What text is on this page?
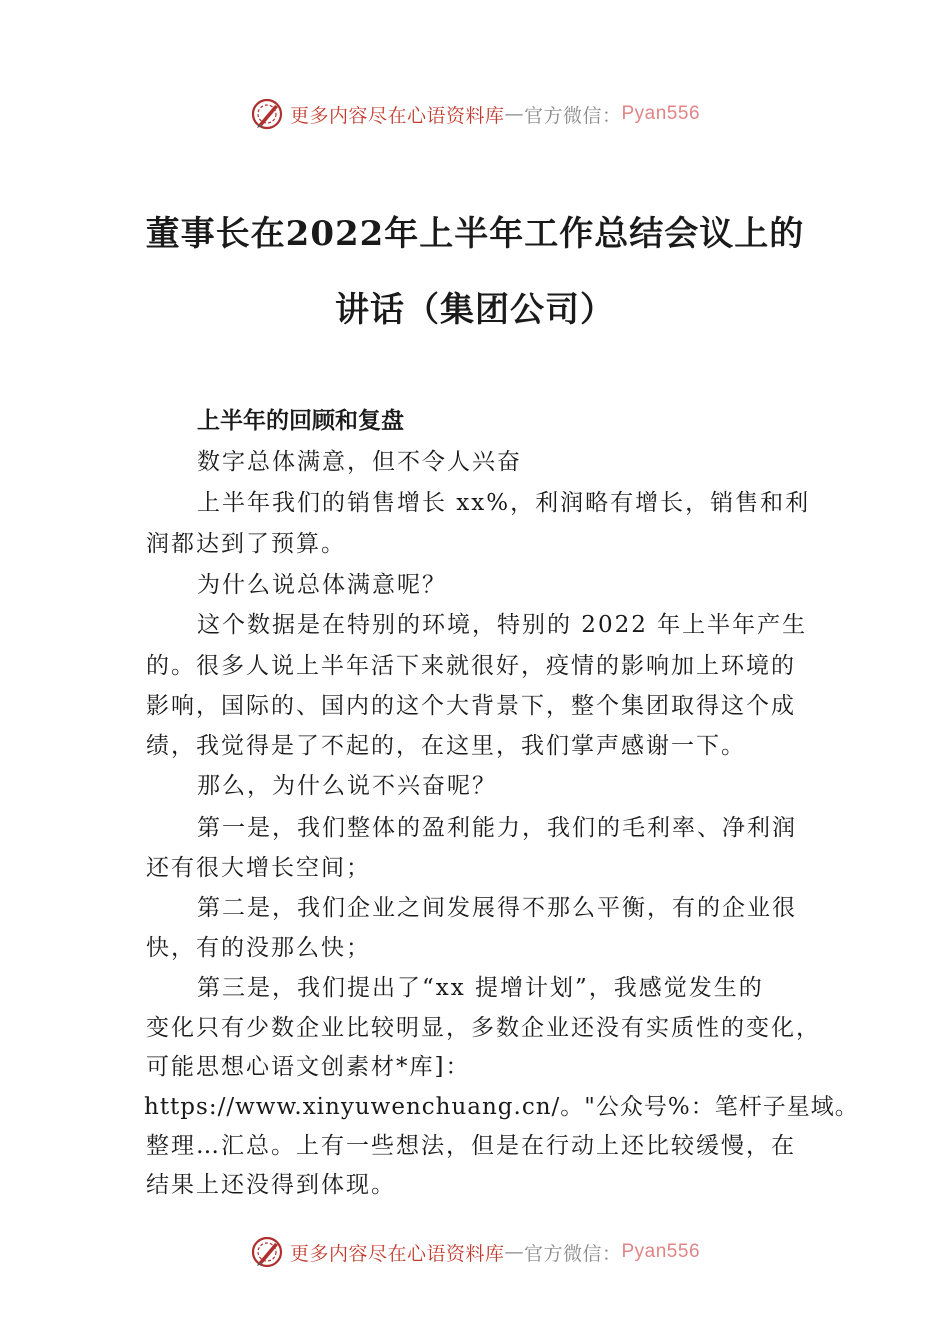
更多内容尽在心语资料库 — 官方微信： Pyan556
董事长在2022年上半年工作总结会议上的
讲话（集团公司）
上半年的回顾和复盘
数字总体满意，但不令人兴奋
上半年我们的销售增长 xx%，利润略有增长，销售和利
润都达到了预算。
为什么说总体满意呢？
这个数据是在特别的环境，特别的 2022 年上半年产生
的。很多人说上半年活下来就很好，疫情的影响加上环境的
影响，国际的、国内的这个大背景下，整个集团取得这个成
绩，我觉得是了不起的，在这里，我们掌声感谢一下。
那么，为什么说不兴奋呢？
第一是，我们整体的盈利能力，我们的毛利率、净利润
还有很大增长空间；
第二是，我们企业之间发展得不那么平衡，有的企业很
快，有的没那么快；
第三是，我们提出了“xx 提增计划”，我感觉发生的
变化只有少数企业比较明显，多数企业还没有实质性的变化，
可能思想心语文创素材*库]：
https://www.xinyuwenchuang.cn/。"公众号%：笔杆子星域。
整理…汇总。上有一些想法，但是在行动上还比较缓慢，在
结果上还没得到体现。
更多内容尽在心语资料库 — 官方微信： Pyan556
